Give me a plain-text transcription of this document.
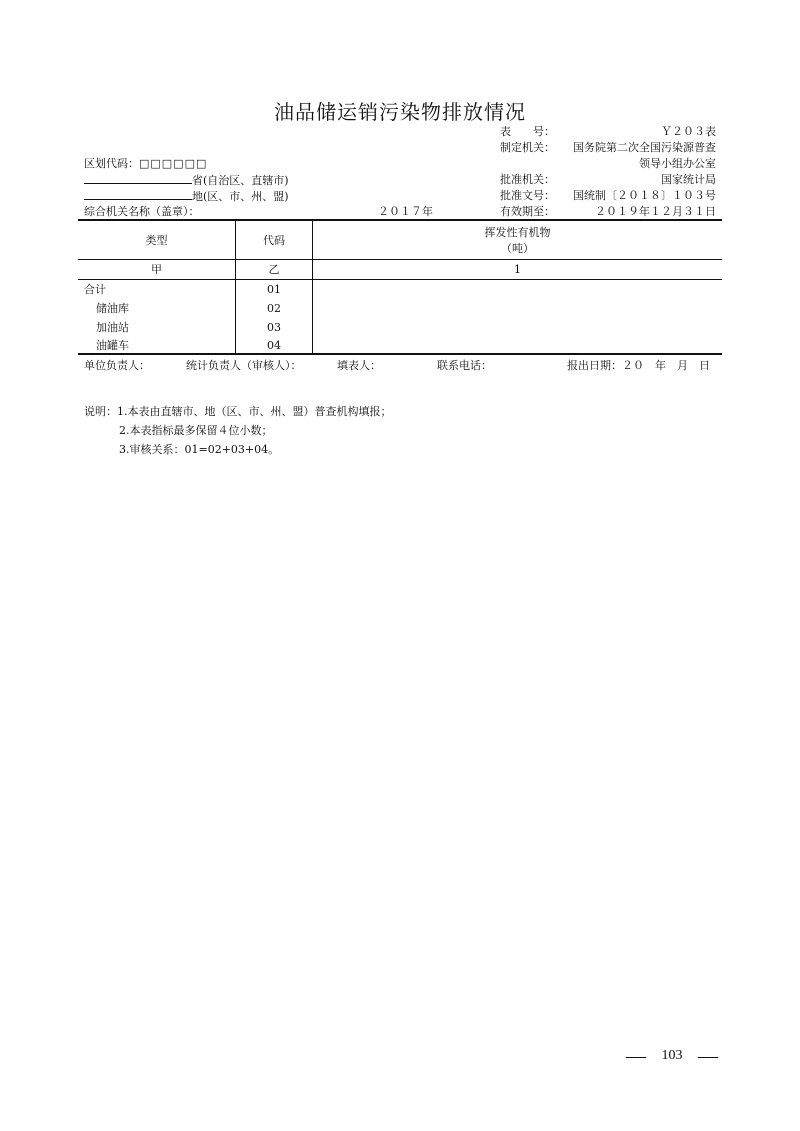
油品储运销污染物排放情况
表　　号：	Ｙ２０３表
制定机关： 国务院第二次全国污染源普查
领导小组办公室
批准机关：	国家统计局
批准文号： 国统制〔２０１８〕１０３号
有效期至：	２０１９年１２月３１日
区划代码：□□□□□□
省(自治区、直辖市)
地(区、市、州、盟)
综合机关名称（盖章）：	２０１７年
类型	代码
挥发性有机物
（吨）
甲	乙	1
合计	01
储油库	02
加油站	03
油罐车	04
单位负责人：	统计负责人（审核人）：	填表人：	联系电话：	报出日期：２０　年　月　日
说明：1.本表由直辖市、地（区、市、州、盟）普查机构填报；
2.本表指标最多保留４位小数；
3.审核关系：01=02+03+04。
103
